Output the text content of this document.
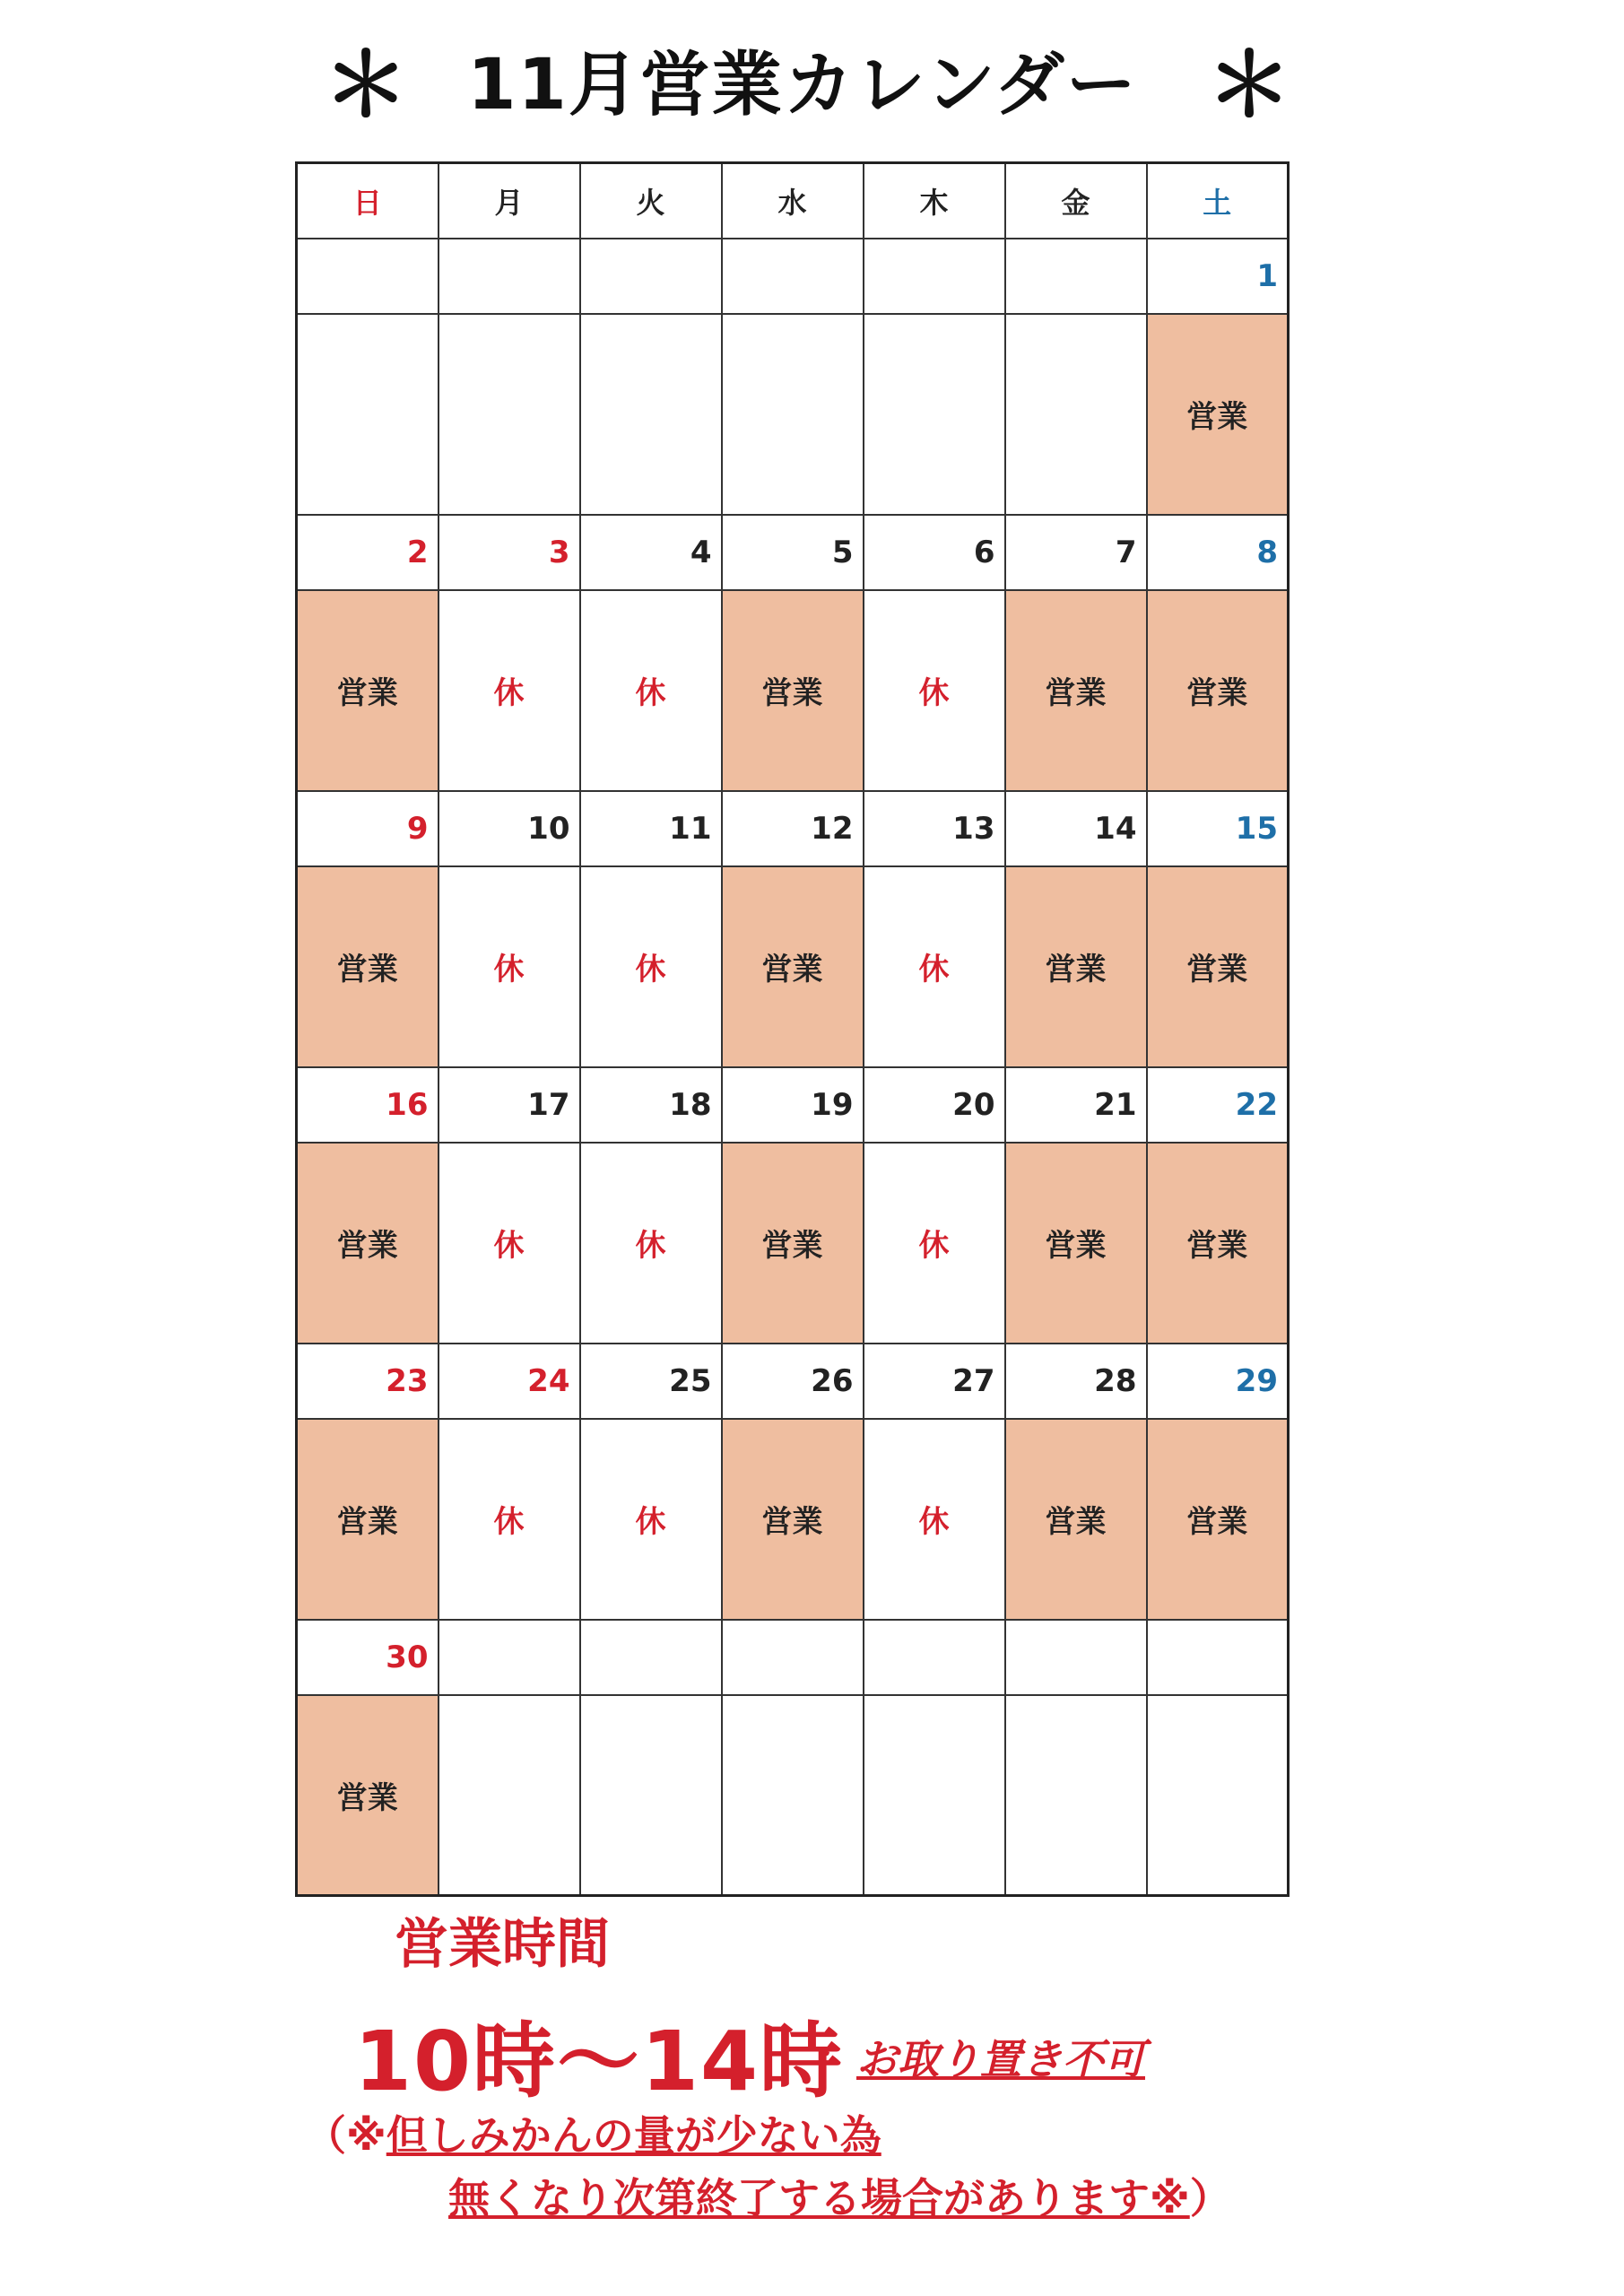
＊ 11月営業カレンダー ＊
日	月	火	水	木	金	土
						1
						営業
2	3	4	5	6	7	8
営業	休	休	営業	休	営業	営業
9	10	11	12	13	14	15
営業	休	休	営業	休	営業	営業
16	17	18	19	20	21	22
営業	休	休	営業	休	営業	営業
23	24	25	26	27	28	29
営業	休	休	営業	休	営業	営業
30						
営業						
営業時間
10時～14時 お取り置き不可
（※但しみかんの量が少ない為
無くなり次第終了する場合があります※）
